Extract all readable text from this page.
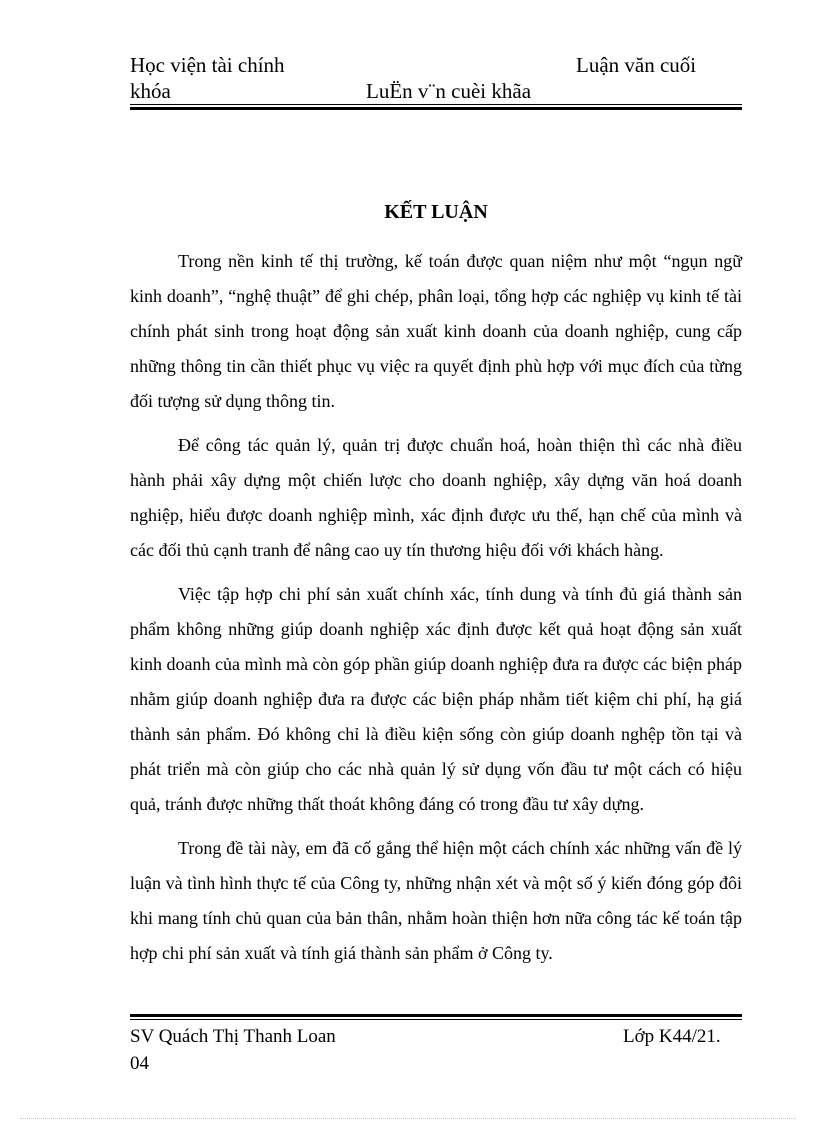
Học viện tài chính	Luận văn cuối
khóa	LuËn v¨n cuèi khãa
KẾT LUẬN

Trong nền kinh tế thị trường, kế toán được quan niệm như một “ngụn ngữ kinh doanh”, “nghệ thuật” để ghi chép, phân loại, tổng hợp các nghiệp vụ kinh tế tài chính phát sinh trong hoạt động sản xuất kinh doanh của doanh nghiệp, cung cấp những thông tin cần thiết phục vụ việc ra quyết định phù hợp với mục đích của từng đối tượng sử dụng thông tin.

Để công tác quản lý, quản trị được chuẩn hoá, hoàn thiện thì các nhà điều hành phải xây dựng một chiến lược cho doanh nghiệp, xây dựng văn hoá doanh nghiệp, hiểu được doanh nghiệp mình, xác định được ưu thế, hạn chế của mình và các đối thủ cạnh tranh để nâng cao uy tín thương hiệu đối với khách hàng.

Việc tập hợp chi phí sản xuất chính xác, tính dung và tính đủ giá thành sản phẩm không những giúp doanh nghiệp xác định được kết quả hoạt động sản xuất kinh doanh của mình mà còn góp phần giúp doanh nghiệp đưa ra được các biện pháp nhằm giúp doanh nghiệp đưa ra được các biện pháp nhằm tiết kiệm chi phí, hạ giá thành sản phẩm. Đó không chỉ là điều kiện sống còn giúp doanh nghệp tồn tại và phát triển mà còn giúp cho các nhà quản lý sử dụng vốn đầu tư một cách có hiệu quả, tránh được những thất thoát không đáng có trong đầu tư xây dựng.

Trong đề tài này, em đã cố gắng thể hiện một cách chính xác những vấn đề lý luận và tình hình thực tế của Công ty, những nhận xét và một số ý kiến đóng góp đôi khi mang tính chủ quan của bản thân, nhằm hoàn thiện hơn nữa công tác kế toán tập hợp chi phí sản xuất và tính giá thành sản phẩm ở Công ty.

SV Quách Thị Thanh Loan	Lớp K44/21.
04
